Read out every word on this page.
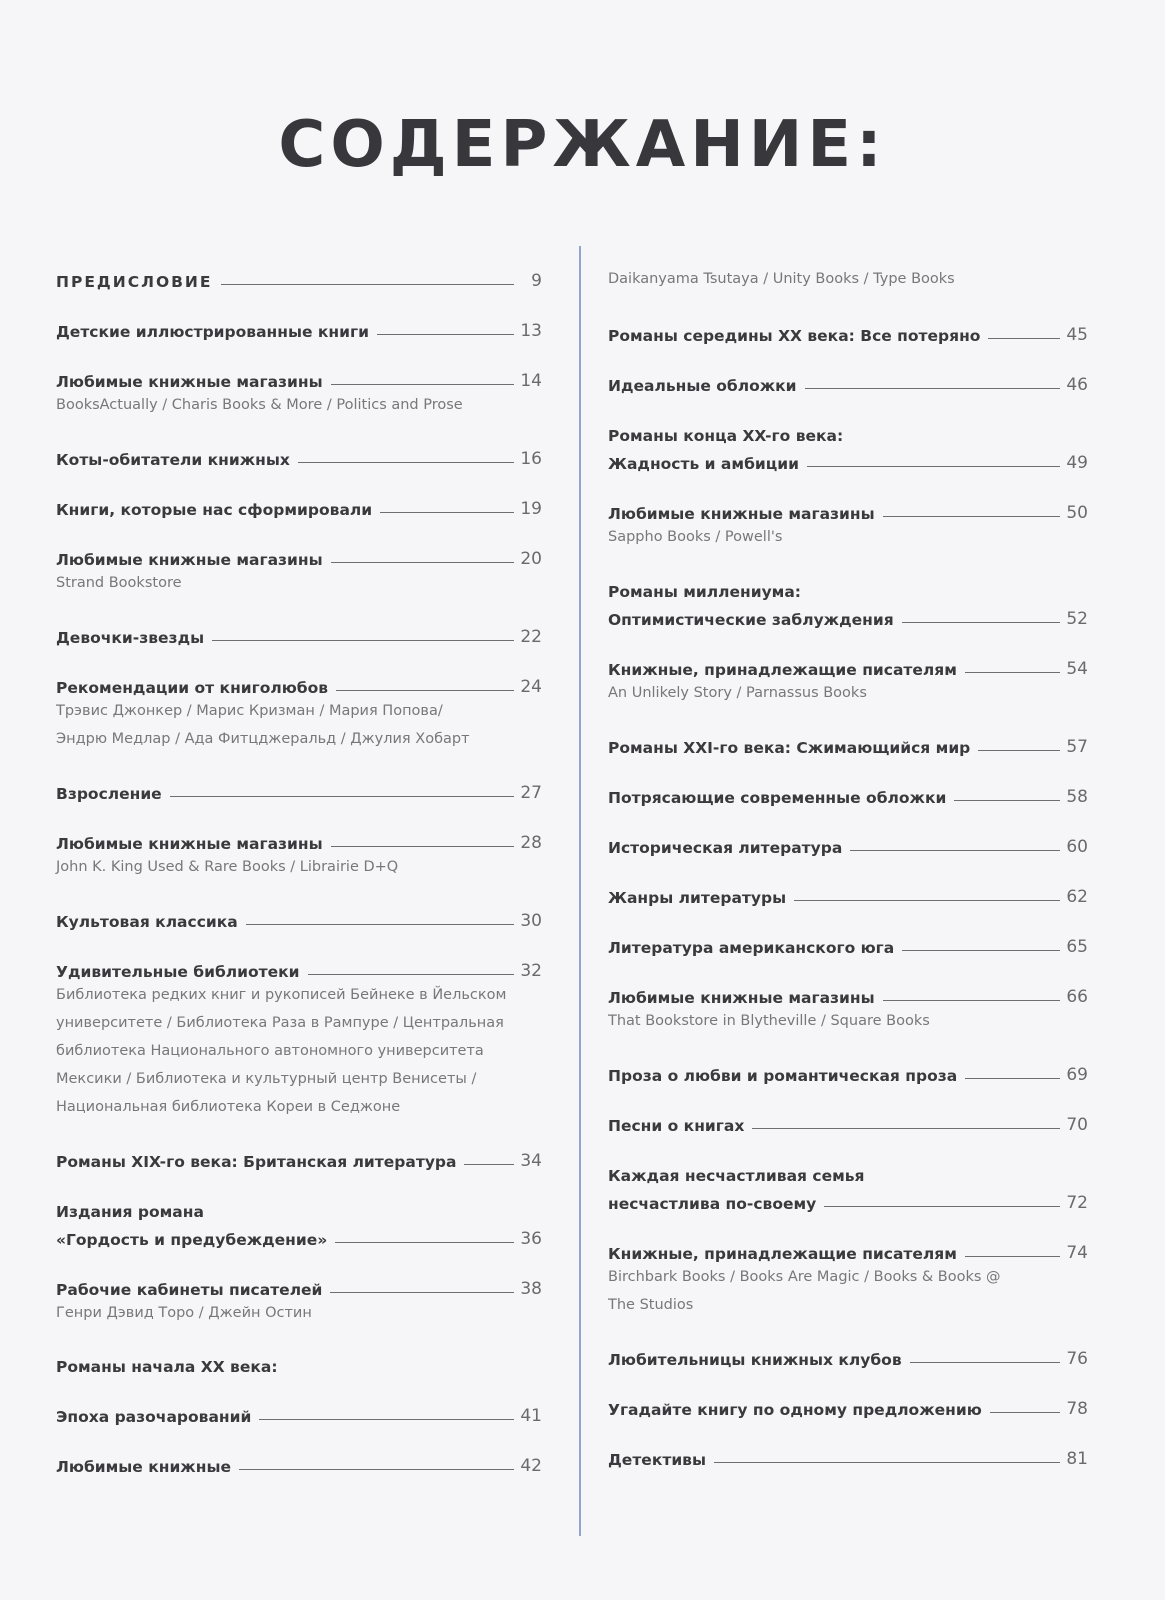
СОДЕРЖАНИЕ:
ПРЕДИСЛОВИЕ	9
Детские иллюстрированные книги	13
Любимые книжные магазины	14
BooksActually / Charis Books & More / Politics and Prose
Коты-обитатели книжных	16
Книги, которые нас сформировали	19
Любимые книжные магазины	20
Strand Bookstore
Девочки-звезды	22
Рекомендации от книголюбов	24
Трэвис Джонкер / Марис Кризман / Мария Попова/
Эндрю Медлар / Ада Фитцджеральд / Джулия Хобарт
Взросление	27
Любимые книжные магазины	28
John K. King Used & Rare Books / Librairie D+Q
Культовая классика	30
Удивительные библиотеки	32
Библиотека редких книг и рукописей Бейнеке в Йельском
университете / Библиотека Раза в Рампуре / Центральная
библиотека Национального автономного университета
Мексики / Библиотека и культурный центр Венисеты /
Национальная библиотека Кореи в Седжоне
Романы XIX-го века: Британская литература	34
Издания романа
«Гордость и предубеждение»	36
Рабочие кабинеты писателей	38
Генри Дэвид Торо / Джейн Остин
Романы начала XX века:
Эпоха разочарований	41
Любимые книжные	42
Daikanyama Tsutaya / Unity Books / Type Books
Романы середины XX века: Все потеряно	45
Идеальные обложки	46
Романы конца XX-го века:
Жадность и амбиции	49
Любимые книжные магазины	50
Sappho Books / Powell's
Романы миллениума:
Оптимистические заблуждения	52
Книжные, принадлежащие писателям	54
An Unlikely Story / Parnassus Books
Романы XXI-го века: Сжимающийся мир	57
Потрясающие современные обложки	58
Историческая литература	60
Жанры литературы	62
Литература американского юга	65
Любимые книжные магазины	66
That Bookstore in Blytheville / Square Books
Проза о любви и романтическая проза	69
Песни о книгах	70
Каждая несчастливая семья
несчастлива по-своему	72
Книжные, принадлежащие писателям	74
Birchbark Books / Books Are Magic / Books & Books @
The Studios
Любительницы книжных клубов	76
Угадайте книгу по одному предложению	78
Детективы	81
